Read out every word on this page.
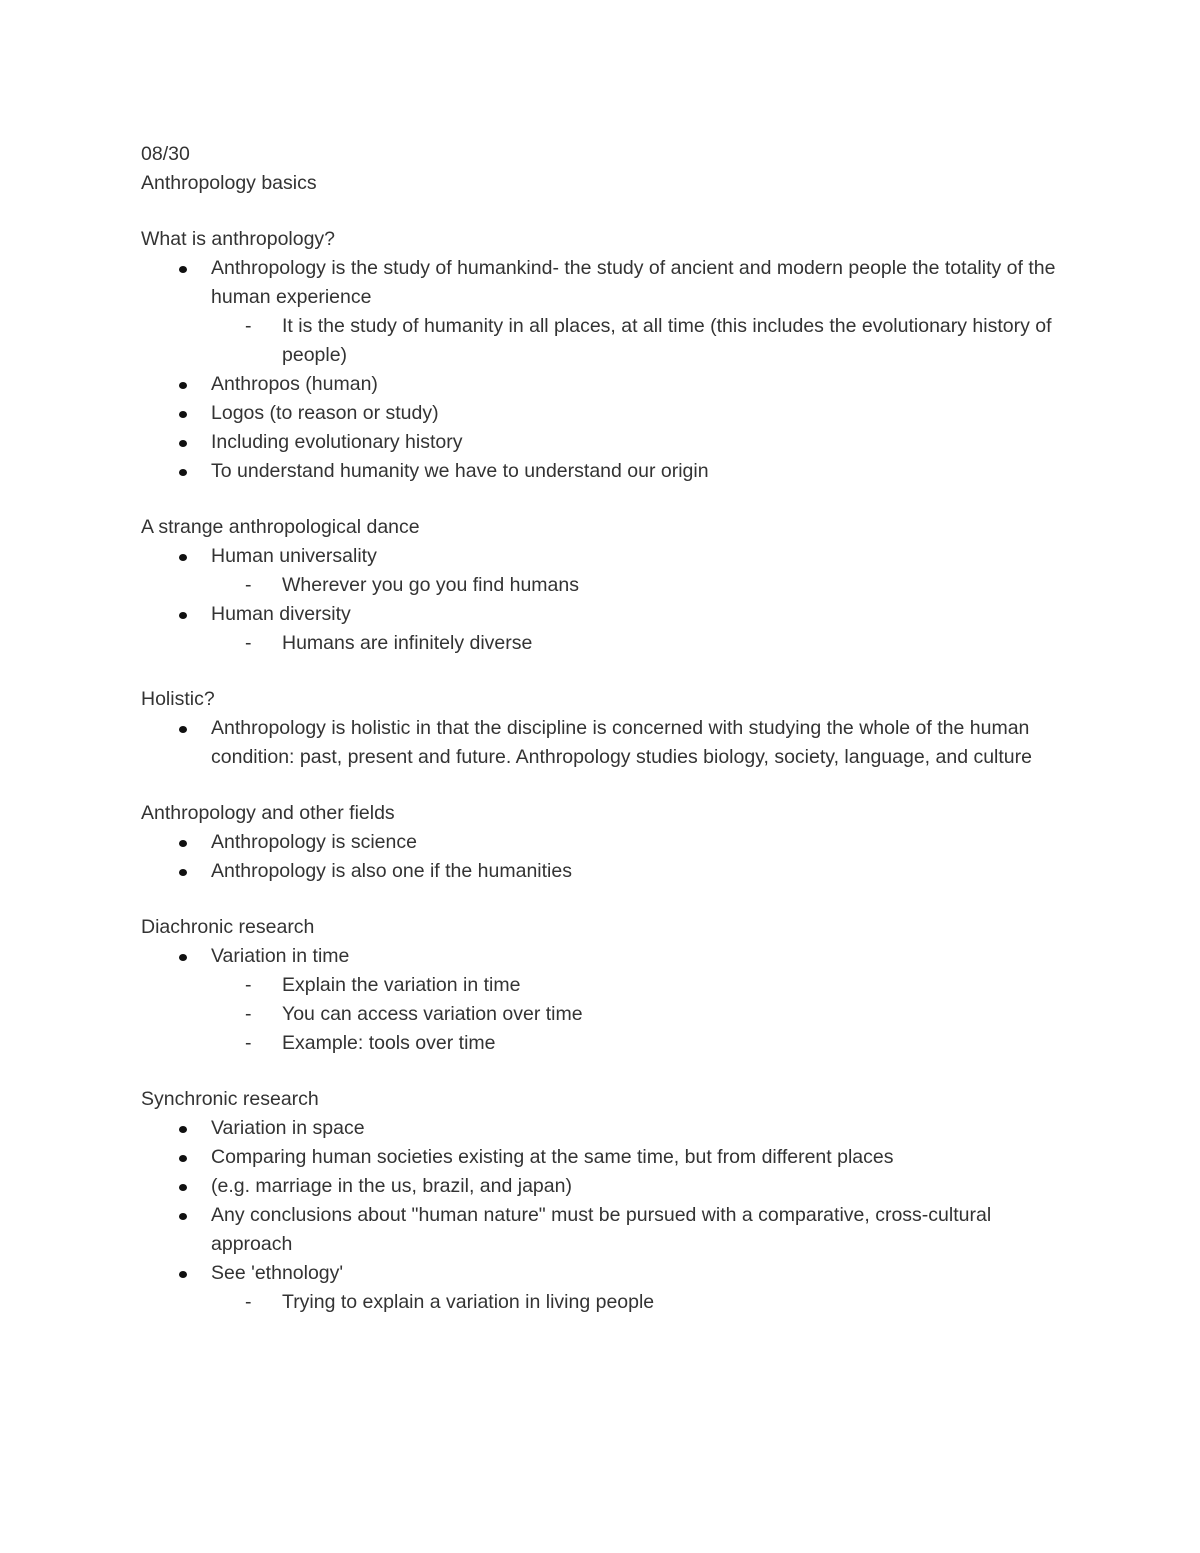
08/30
Anthropology basics
What is anthropology?
Anthropology is the study of humankind- the study of ancient and modern people the totality of the human experience
- It is the study of humanity in all places, at all time (this includes the evolutionary history of people)
Anthropos (human)
Logos (to reason or study)
Including evolutionary history
To understand humanity we have to understand our origin
A strange anthropological dance
Human universality
- Wherever you go you find humans
Human diversity
- Humans are infinitely diverse
Holistic?
Anthropology is holistic in that the discipline is concerned with studying the whole of the human condition: past, present and future. Anthropology studies biology, society, language, and culture
Anthropology and other fields
Anthropology is science
Anthropology is also one if the humanities
Diachronic research
Variation in time
- Explain the variation in time
- You can access variation over time
- Example: tools over time
Synchronic research
Variation in space
Comparing human societies existing at the same time, but from different places
(e.g. marriage in the us, brazil, and japan)
Any conclusions about "human nature" must be pursued with a comparative, cross-cultural approach
See 'ethnology'
- Trying to explain a variation in living people
